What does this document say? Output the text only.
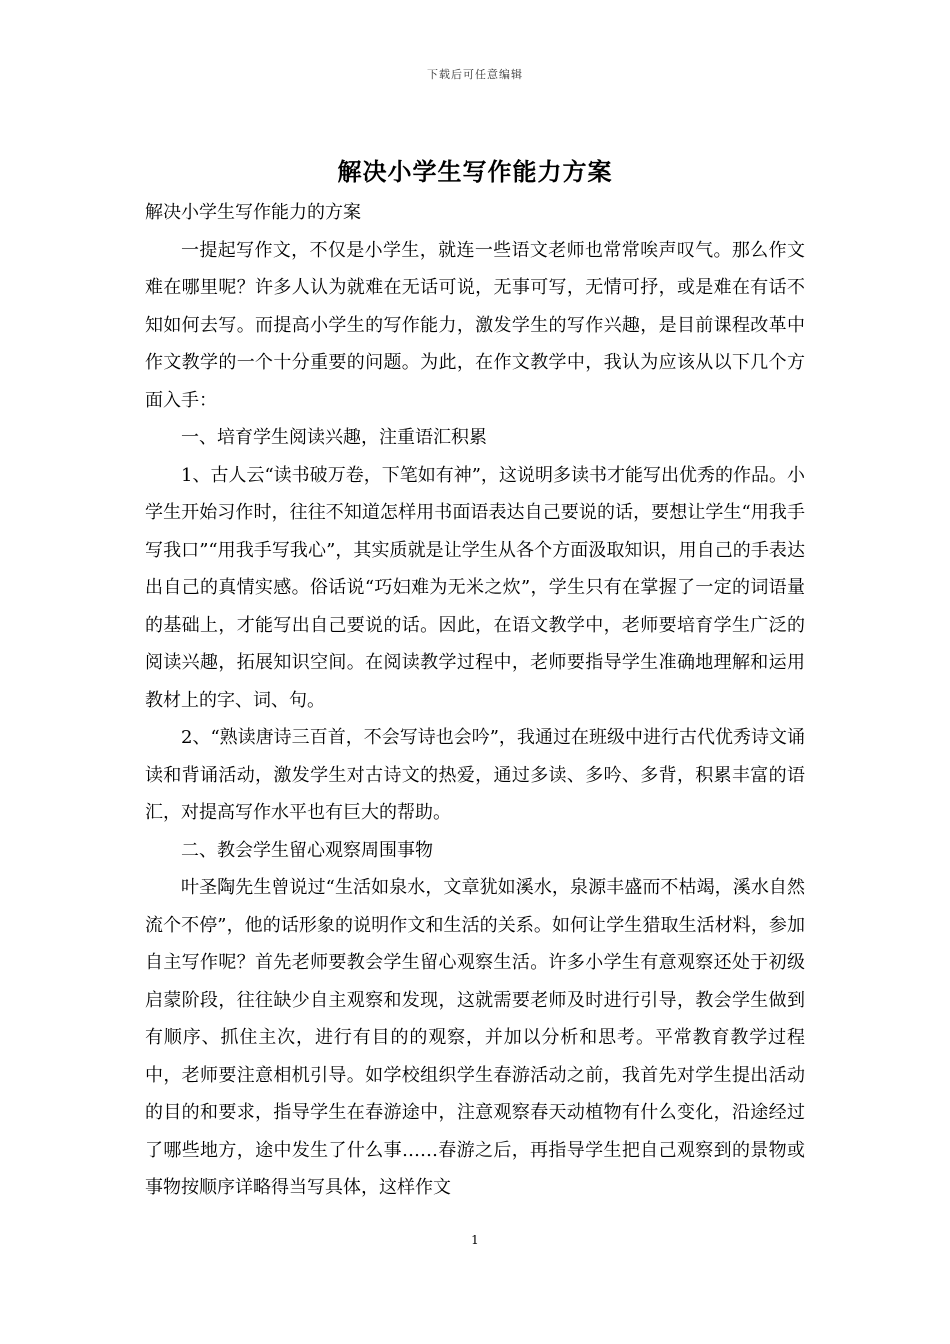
下载后可任意编辑
解决小学生写作能力方案

解决小学生写作能力的方案

一提起写作文，不仅是小学生，就连一些语文老师也常常唉声叹气。那么作文难在哪里呢？许多人认为就难在无话可说，无事可写，无情可抒，或是难在有话不知如何去写。而提高小学生的写作能力，激发学生的写作兴趣，是目前课程改革中作文教学的一个十分重要的问题。为此，在作文教学中，我认为应该从以下几个方面入手：

一、培育学生阅读兴趣，注重语汇积累

1、古人云“读书破万卷，下笔如有神”，这说明多读书才能写出优秀的作品。小学生开始习作时，往往不知道怎样用书面语表达自己要说的话，要想让学生“用我手写我口”“用我手写我心”，其实质就是让学生从各个方面汲取知识，用自己的手表达出自己的真情实感。俗话说“巧妇难为无米之炊”，学生只有在掌握了一定的词语量的基础上，才能写出自己要说的话。因此，在语文教学中，老师要培育学生广泛的阅读兴趣，拓展知识空间。在阅读教学过程中，老师要指导学生准确地理解和运用教材上的字、词、句。

2、“熟读唐诗三百首，不会写诗也会吟”，我通过在班级中进行古代优秀诗文诵读和背诵活动，激发学生对古诗文的热爱，通过多读、多吟、多背，积累丰富的语汇，对提高写作水平也有巨大的帮助。

二、教会学生留心观察周围事物

叶圣陶先生曾说过“生活如泉水，文章犹如溪水，泉源丰盛而不枯竭，溪水自然流个不停”，他的话形象的说明作文和生活的关系。如何让学生猎取生活材料，参加自主写作呢？首先老师要教会学生留心观察生活。许多小学生有意观察还处于初级启蒙阶段，往往缺少自主观察和发现，这就需要老师及时进行引导，教会学生做到有顺序、抓住主次，进行有目的的观察，并加以分析和思考。平常教育教学过程中，老师要注意相机引导。如学校组织学生春游活动之前，我首先对学生提出活动的目的和要求，指导学生在春游途中，注意观察春天动植物有什么变化，沿途经过了哪些地方，途中发生了什么事……春游之后，再指导学生把自己观察到的景物或事物按顺序详略得当写具体，这样作文

1
